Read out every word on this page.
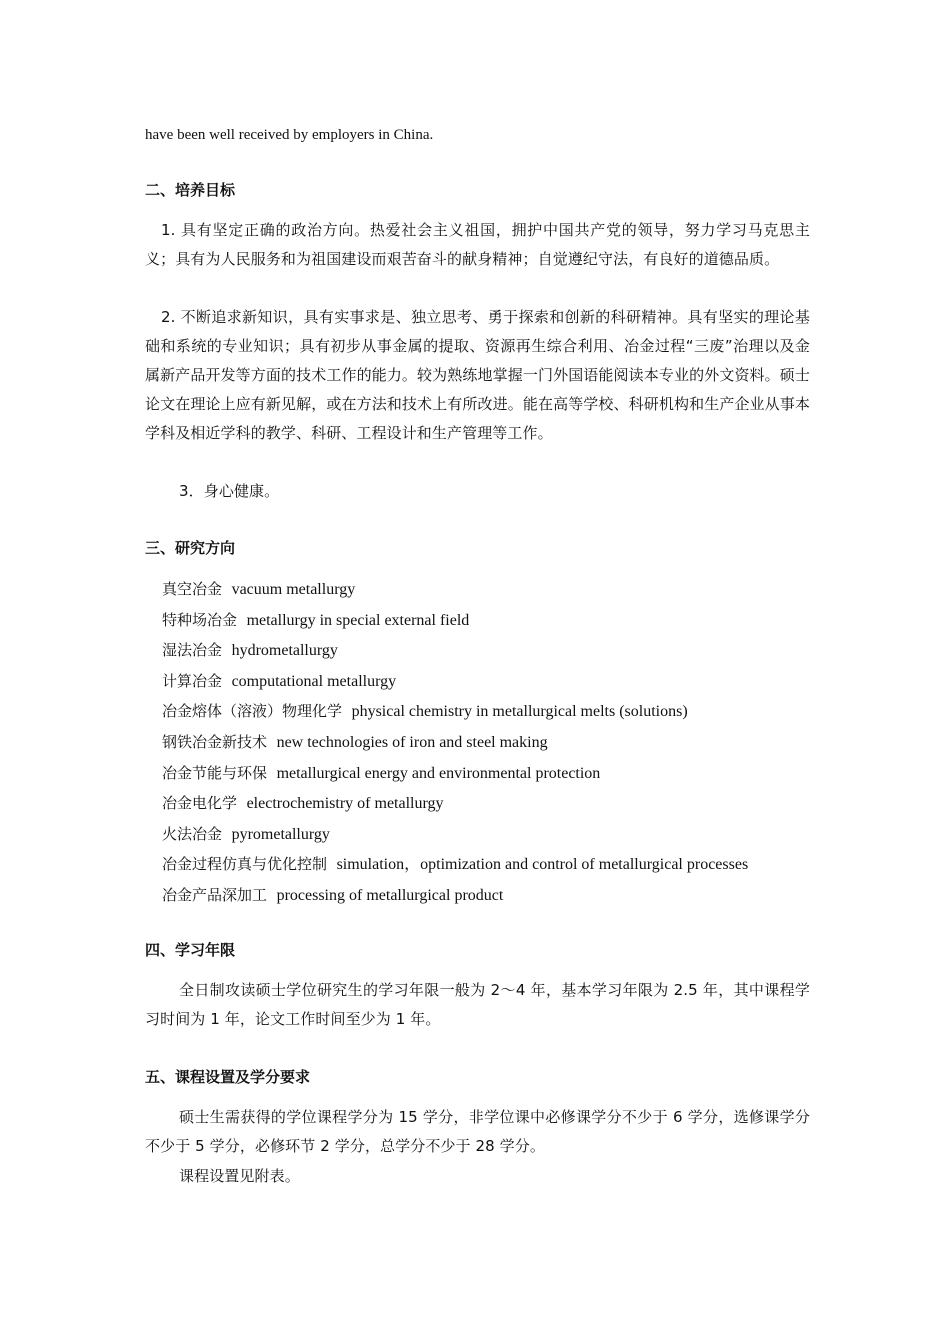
have been well received by employers in China.
二、培养目标
1. 具有坚定正确的政治方向。热爱社会主义祖国，拥护中国共产党的领导，努力学习马克思主义；具有为人民服务和为祖国建设而艰苦奋斗的献身精神；自觉遵纪守法，有良好的道德品质。
2. 不断追求新知识，具有实事求是、独立思考、勇于探索和创新的科研精神。具有坚实的理论基础和系统的专业知识；具有初步从事金属的提取、资源再生综合利用、冶金过程“三废”治理以及金属新产品开发等方面的技术工作的能力。较为熟练地掌握一门外国语能阅读本专业的外文资料。硕士论文在理论上应有新见解，或在方法和技术上有所改进。能在高等学校、科研机构和生产企业从事本学科及相近学科的教学、科研、工程设计和生产管理等工作。
3．身心健康。
三、研究方向
真空冶金 vacuum metallurgy
特种场冶金 metallurgy in special external field
湿法冶金 hydrometallurgy
计算冶金 computational metallurgy
冶金熔体（溶液）物理化学 physical chemistry in metallurgical melts (solutions)
钢铁冶金新技术 new technologies of iron and steel making
冶金节能与环保 metallurgical energy and environmental protection
冶金电化学 electrochemistry of metallurgy
火法冶金 pyrometallurgy
冶金过程仿真与优化控制 simulation，optimization and control of metallurgical processes
冶金产品深加工 processing of metallurgical product
四、学习年限
全日制攻读硕士学位研究生的学习年限一般为 2～4 年，基本学习年限为 2.5 年，其中课程学习时间为 1 年，论文工作时间至少为 1 年。
五、课程设置及学分要求
硕士生需获得的学位课程学分为 15 学分，非学位课中必修课学分不少于 6 学分，选修课学分不少于 5 学分，必修环节 2 学分，总学分不少于 28 学分。
课程设置见附表。
